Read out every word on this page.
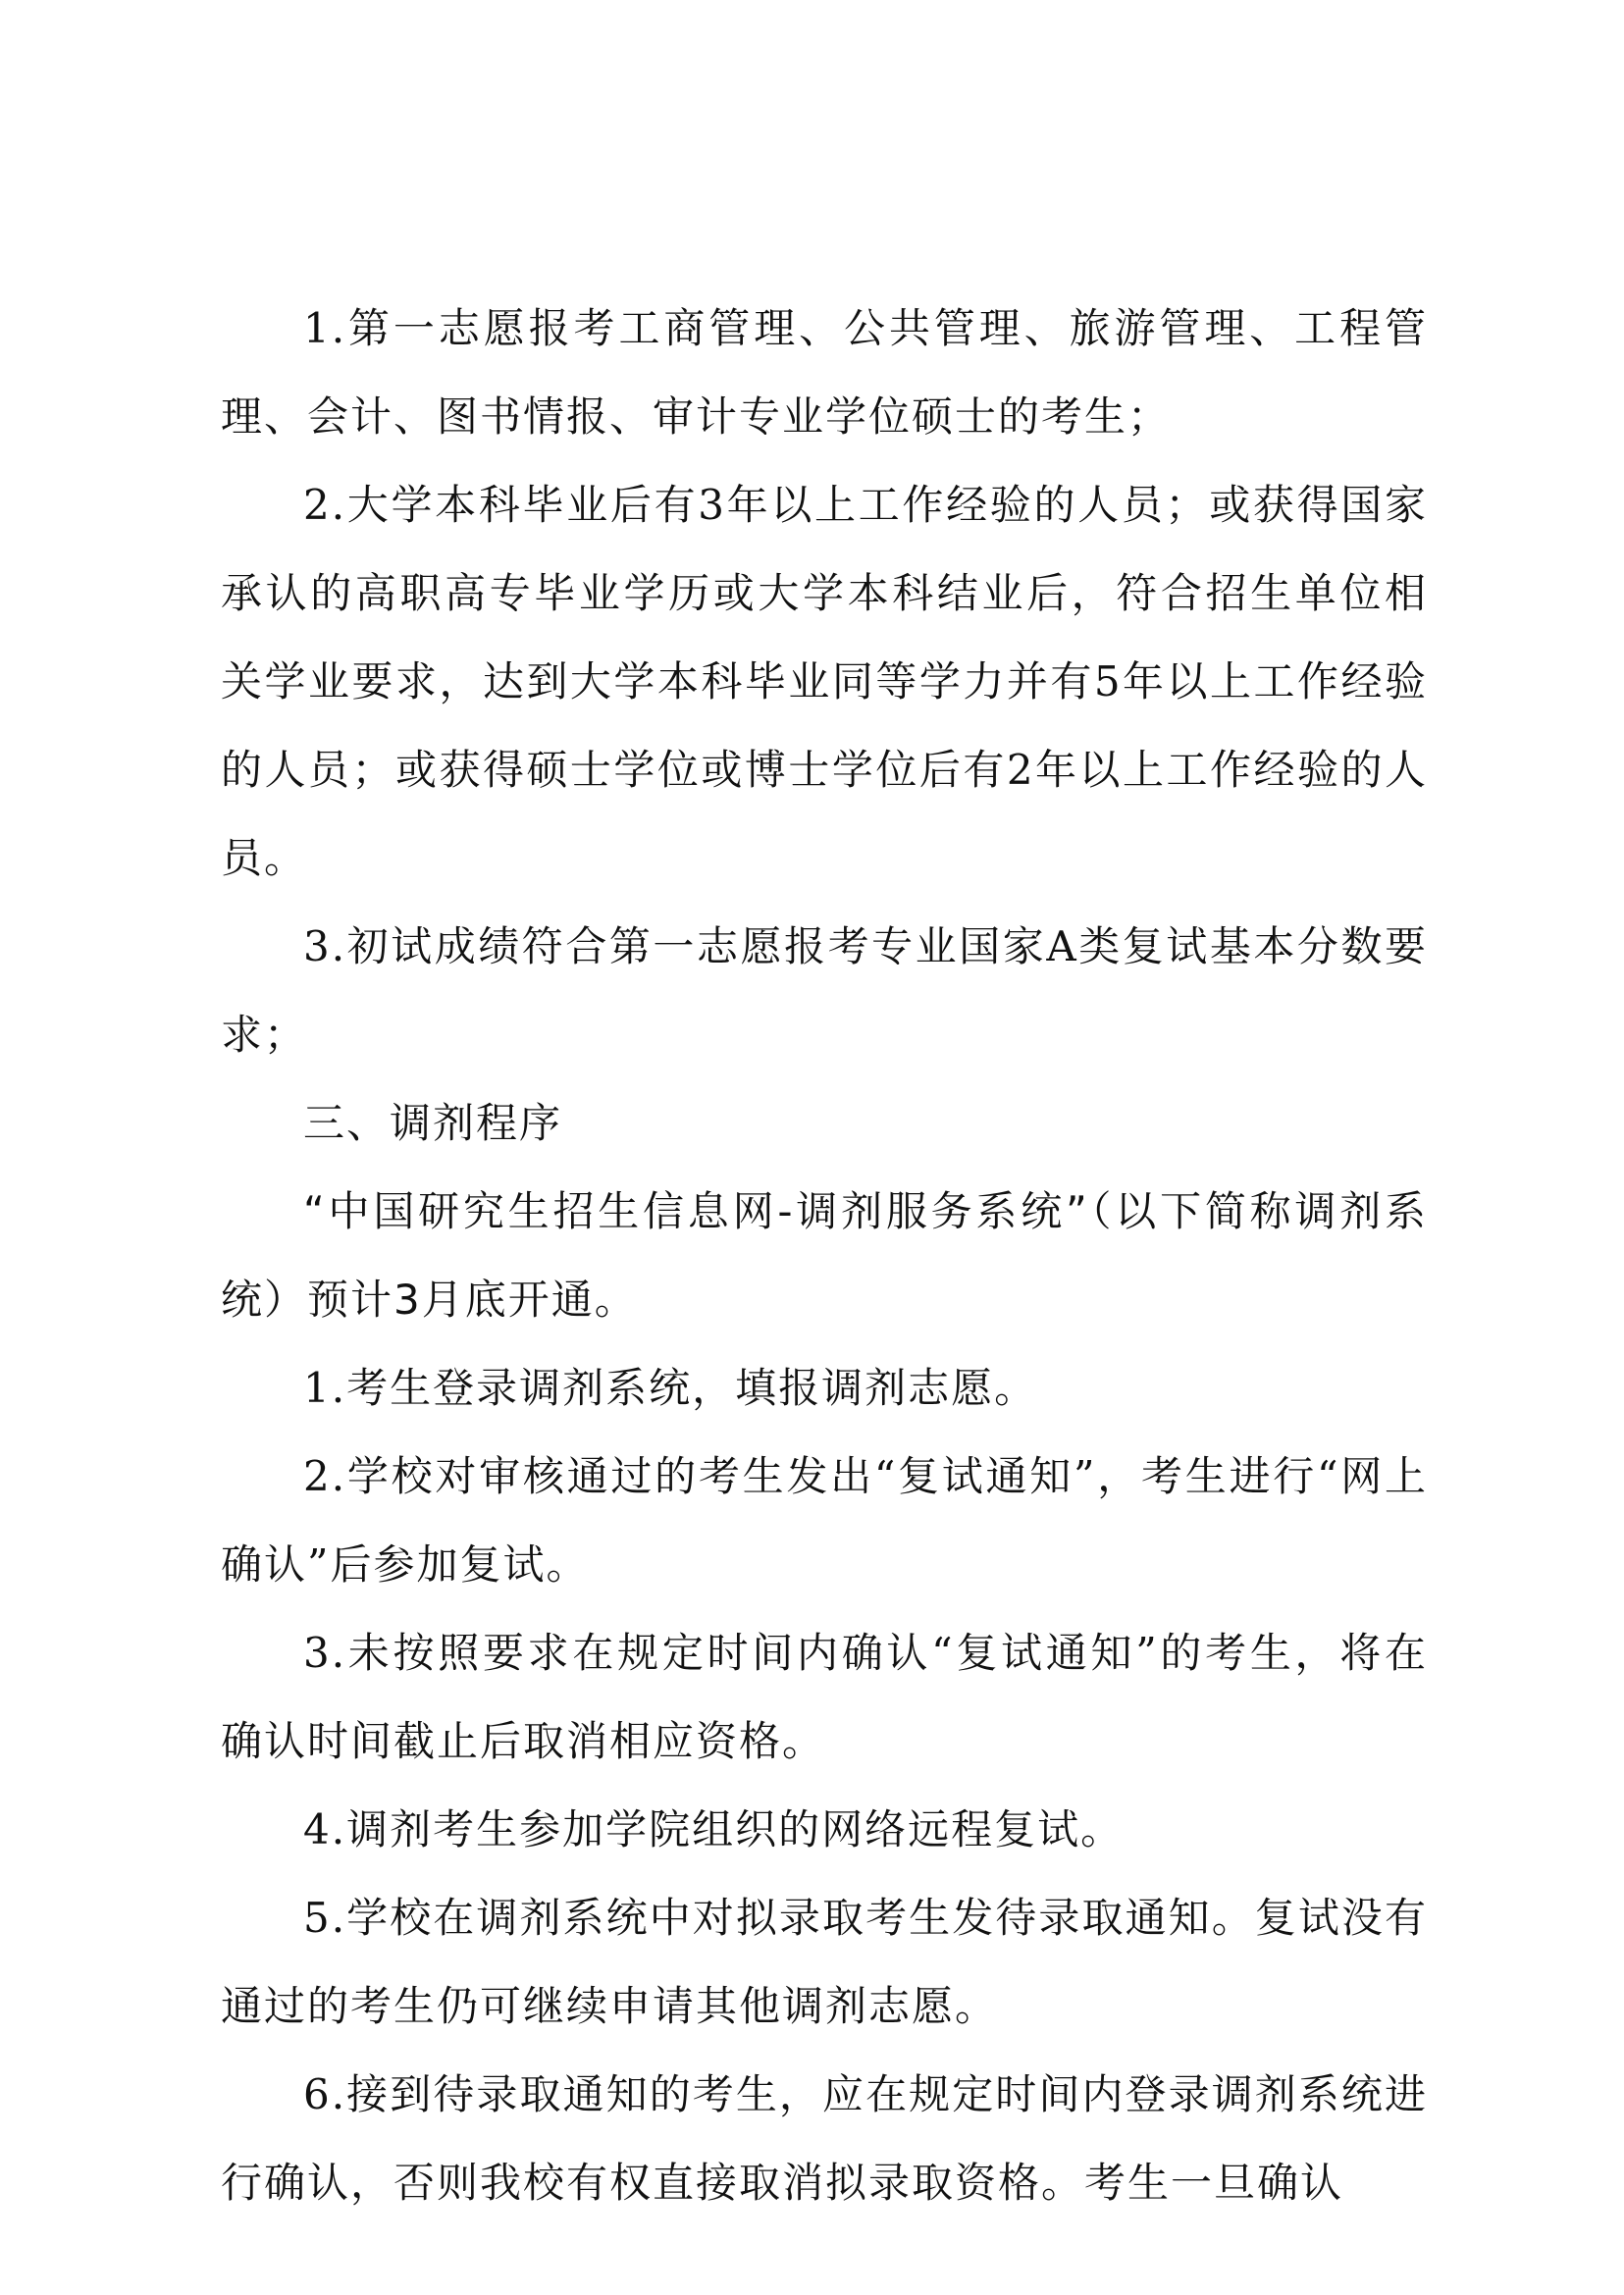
1.第一志愿报考工商管理、公共管理、旅游管理、工程管理、会计、图书情报、审计专业学位硕士的考生；

2.大学本科毕业后有3年以上工作经验的人员；或获得国家承认的高职高专毕业学历或大学本科结业后，符合招生单位相关学业要求，达到大学本科毕业同等学力并有5年以上工作经验的人员；或获得硕士学位或博士学位后有2年以上工作经验的人员。

3.初试成绩符合第一志愿报考专业国家A类复试基本分数要求；

三、调剂程序

“中国研究生招生信息网-调剂服务系统”（以下简称调剂系统）预计3月底开通。

1.考生登录调剂系统，填报调剂志愿。

2.学校对审核通过的考生发出“复试通知”，考生进行“网上确认”后参加复试。

3.未按照要求在规定时间内确认“复试通知”的考生，将在确认时间截止后取消相应资格。

4.调剂考生参加学院组织的网络远程复试。

5.学校在调剂系统中对拟录取考生发待录取通知。复试没有通过的考生仍可继续申请其他调剂志愿。

6.接到待录取通知的考生，应在规定时间内登录调剂系统进行确认，否则我校有权直接取消拟录取资格。考生一旦确认
